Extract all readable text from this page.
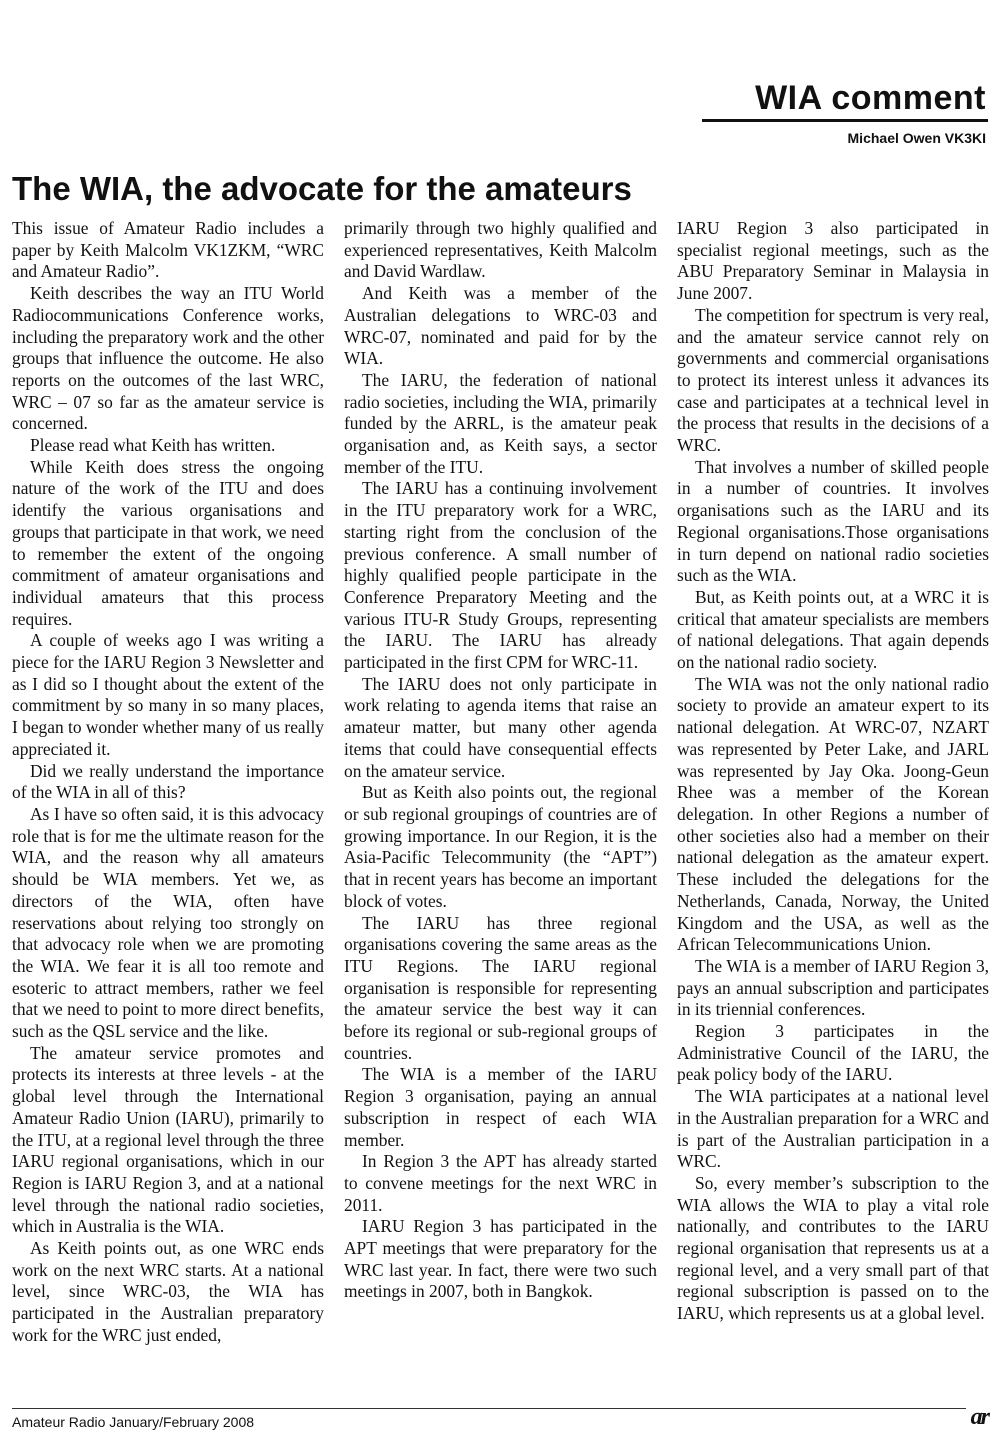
WIA comment
Michael Owen VK3KI
The WIA, the advocate for the amateurs

This issue of Amateur Radio includes a paper by Keith Malcolm VK1ZKM, “WRC and Amateur Radio”.

Keith describes the way an ITU World Radiocommunications Conference works, including the preparatory work and the other groups that influence the outcome. He also reports on the outcomes of the last WRC, WRC – 07 so far as the amateur service is concerned.

Please read what Keith has written.

While Keith does stress the ongoing nature of the work of the ITU and does identify the various organisations and groups that participate in that work, we need to remember the extent of the ongoing commitment of amateur organisations and individual amateurs that this process requires.

A couple of weeks ago I was writing a piece for the IARU Region 3 Newsletter and as I did so I thought about the extent of the commitment by so many in so many places, I began to wonder whether many of us really appreciated it.

Did we really understand the importance of the WIA in all of this?

As I have so often said, it is this advocacy role that is for me the ultimate reason for the WIA, and the reason why all amateurs should be WIA members. Yet we, as directors of the WIA, often have reservations about relying too strongly on that advocacy role when we are promoting the WIA. We fear it is all too remote and esoteric to attract members, rather we feel that we need to point to more direct benefits, such as the QSL service and the like.

The amateur service promotes and protects its interests at three levels - at the global level through the International Amateur Radio Union (IARU), primarily to the ITU, at a regional level through the three IARU regional organisations, which in our Region is IARU Region 3, and at a national level through the national radio societies, which in Australia is the WIA.

As Keith points out, as one WRC ends work on the next WRC starts. At a national level, since WRC-03, the WIA has participated in the Australian preparatory work for the WRC just ended,

primarily through two highly qualified and experienced representatives, Keith Malcolm and David Wardlaw.

And Keith was a member of the Australian delegations to WRC-03 and WRC-07, nominated and paid for by the WIA.

The IARU, the federation of national radio societies, including the WIA, primarily funded by the ARRL, is the amateur peak organisation and, as Keith says, a sector member of the ITU.

The IARU has a continuing involvement in the ITU preparatory work for a WRC, starting right from the conclusion of the previous conference. A small number of highly qualified people participate in the Conference Preparatory Meeting and the various ITU-R Study Groups, representing the IARU. The IARU has already participated in the first CPM for WRC-11.

The IARU does not only participate in work relating to agenda items that raise an amateur matter, but many other agenda items that could have consequential effects on the amateur service.

But as Keith also points out, the regional or sub regional groupings of countries are of growing importance. In our Region, it is the Asia-Pacific Telecommunity (the “APT”) that in recent years has become an important block of votes.

The IARU has three regional organisations covering the same areas as the ITU Regions. The IARU regional organisation is responsible for representing the amateur service the best way it can before its regional or sub-regional groups of countries.

The WIA is a member of the IARU Region 3 organisation, paying an annual subscription in respect of each WIA member.

In Region 3 the APT has already started to convene meetings for the next WRC in 2011.

IARU Region 3 has participated in the APT meetings that were preparatory for the WRC last year. In fact, there were two such meetings in 2007, both in Bangkok.

IARU Region 3 also participated in specialist regional meetings, such as the ABU Preparatory Seminar in Malaysia in June 2007.

The competition for spectrum is very real, and the amateur service cannot rely on governments and commercial organisations to protect its interest unless it advances its case and participates at a technical level in the process that results in the decisions of a WRC.

That involves a number of skilled people in a number of countries. It involves organisations such as the IARU and its Regional organisations.Those organisations in turn depend on national radio societies such as the WIA.

But, as Keith points out, at a WRC it is critical that amateur specialists are members of national delegations. That again depends on the national radio society.

The WIA was not the only national radio society to provide an amateur expert to its national delegation. At WRC-07, NZART was represented by Peter Lake, and JARL was represented by Jay Oka. Joong-Geun Rhee was a member of the Korean delegation. In other Regions a number of other societies also had a member on their national delegation as the amateur expert. These included the delegations for the Netherlands, Canada, Norway, the United Kingdom and the USA, as well as the African Telecommunications Union.

The WIA is a member of IARU Region 3, pays an annual subscription and participates in its triennial conferences.

Region 3 participates in the Administrative Council of the IARU, the peak policy body of the IARU.

The WIA participates at a national level in the Australian preparation for a WRC and is part of the Australian participation in a WRC.

So, every member’s subscription to the WIA allows the WIA to play a vital role nationally, and contributes to the IARU regional organisation that represents us at a regional level, and a very small part of that regional subscription is passed on to the IARU, which represents us at a global level.

Amateur Radio January/February 2008	ar
